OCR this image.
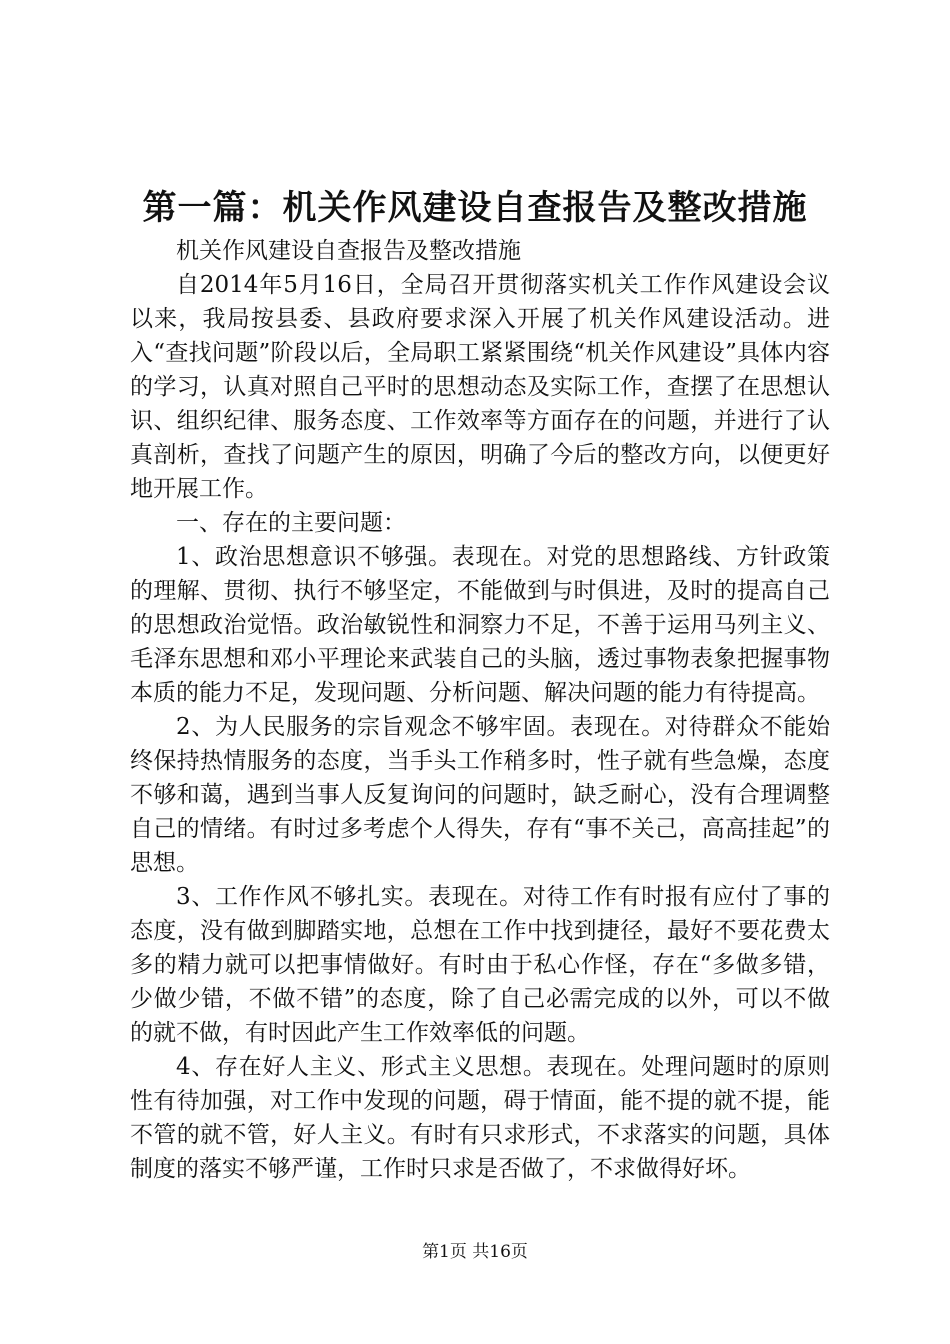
第一篇：机关作风建设自查报告及整改措施

机关作风建设自查报告及整改措施

自2014年5月16日，全局召开贯彻落实机关工作作风建设会议以来，我局按县委、县政府要求深入开展了机关作风建设活动。进入“查找问题”阶段以后，全局职工紧紧围绕“机关作风建设”具体内容的学习，认真对照自己平时的思想动态及实际工作，查摆了在思想认识、组织纪律、服务态度、工作效率等方面存在的问题，并进行了认真剖析，查找了问题产生的原因，明确了今后的整改方向，以便更好地开展工作。

一、存在的主要问题：

1、政治思想意识不够强。表现在。对党的思想路线、方针政策的理解、贯彻、执行不够坚定，不能做到与时俱进，及时的提高自己的思想政治觉悟。政治敏锐性和洞察力不足，不善于运用马列主义、毛泽东思想和邓小平理论来武装自己的头脑，透过事物表象把握事物本质的能力不足，发现问题、分析问题、解决问题的能力有待提高。

2、为人民服务的宗旨观念不够牢固。表现在。对待群众不能始终保持热情服务的态度，当手头工作稍多时，性子就有些急燥，态度不够和蔼，遇到当事人反复询问的问题时，缺乏耐心，没有合理调整自己的情绪。有时过多考虑个人得失，存有“事不关己，高高挂起”的思想。

3、工作作风不够扎实。表现在。对待工作有时报有应付了事的态度，没有做到脚踏实地，总想在工作中找到捷径，最好不要花费太多的精力就可以把事情做好。有时由于私心作怪，存在“多做多错，少做少错，不做不错”的态度，除了自己必需完成的以外，可以不做的就不做，有时因此产生工作效率低的问题。

4、存在好人主义、形式主义思想。表现在。处理问题时的原则性有待加强，对工作中发现的问题，碍于情面，能不提的就不提，能不管的就不管，好人主义。有时有只求形式，不求落实的问题，具体制度的落实不够严谨，工作时只求是否做了，不求做得好坏。

第1页 共16页
